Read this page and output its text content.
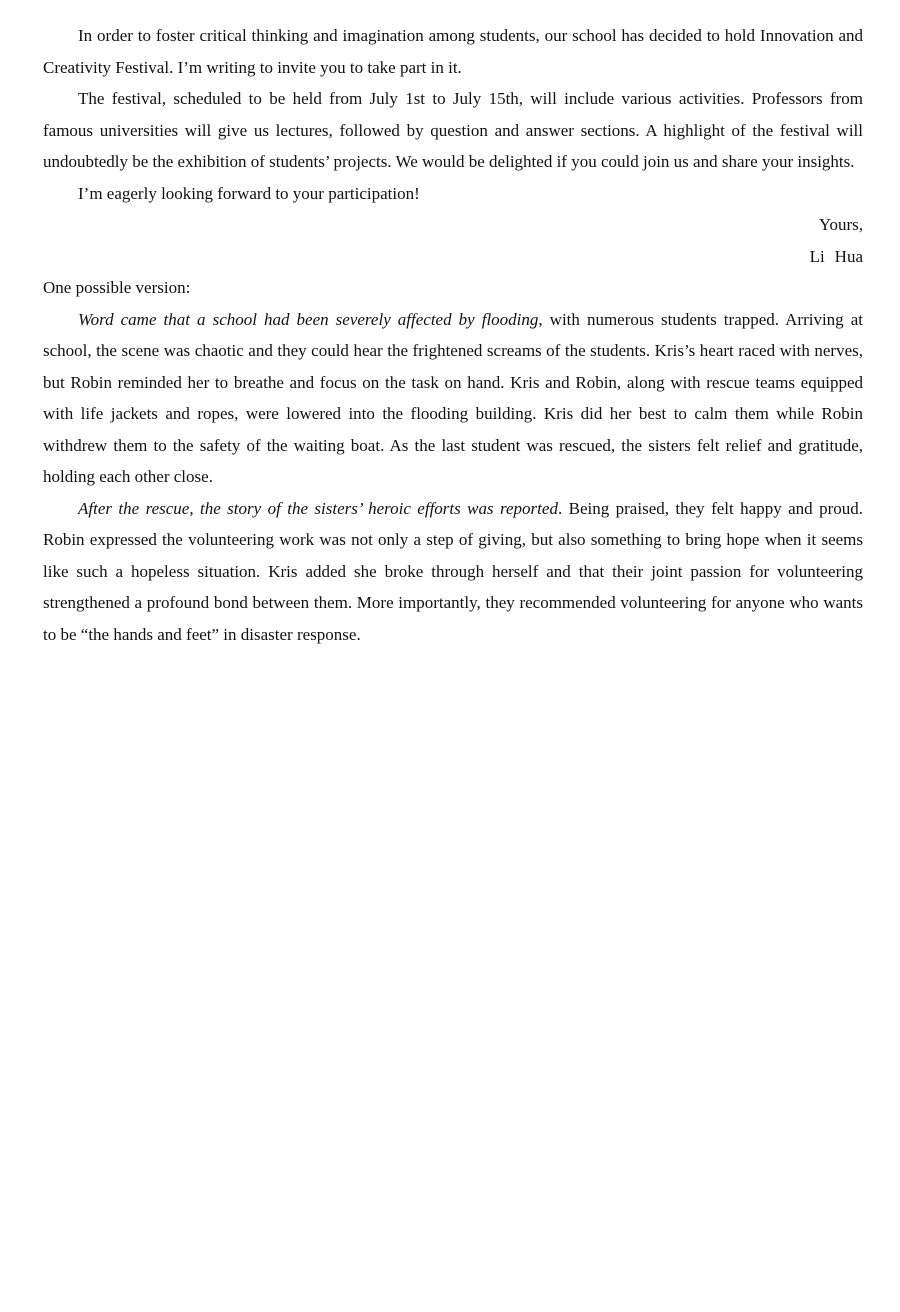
In order to foster critical thinking and imagination among students, our school has decided to hold Innovation and Creativity Festival. I’m writing to invite you to take part in it.

The festival, scheduled to be held from July 1st to July 15th, will include various activities. Professors from famous universities will give us lectures, followed by question and answer sections. A highlight of the festival will undoubtedly be the exhibition of students’ projects. We would be delighted if you could join us and share your insights.

I’m eagerly looking forward to your participation!

Yours,

Li Hua

One possible version:

Word came that a school had been severely affected by flooding, with numerous students trapped. Arriving at school, the scene was chaotic and they could hear the frightened screams of the students. Kris’s heart raced with nerves, but Robin reminded her to breathe and focus on the task on hand. Kris and Robin, along with rescue teams equipped with life jackets and ropes, were lowered into the flooding building. Kris did her best to calm them while Robin withdrew them to the safety of the waiting boat. As the last student was rescued, the sisters felt relief and gratitude, holding each other close.

After the rescue, the story of the sisters’ heroic efforts was reported. Being praised, they felt happy and proud. Robin expressed the volunteering work was not only a step of giving, but also something to bring hope when it seems like such a hopeless situation. Kris added she broke through herself and that their joint passion for volunteering strengthened a profound bond between them. More importantly, they recommended volunteering for anyone who wants to be “the hands and feet” in disaster response.
